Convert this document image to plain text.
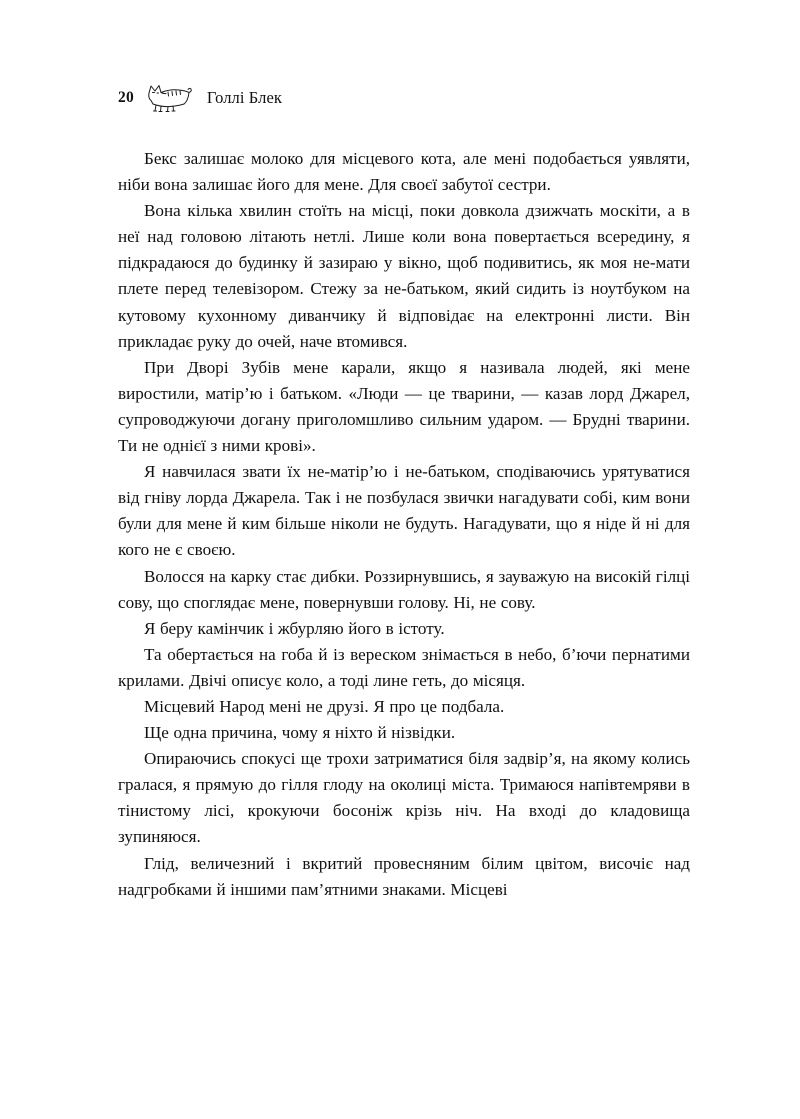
20	Голлі Блек

Бекс залишає молоко для місцевого кота, але мені подобається уявляти, ніби вона залишає його для мене. Для своєї забутої сестри.

Вона кілька хвилин стоїть на місці, поки довкола дзижчать москіти, а в неї над головою літають нетлі. Лише коли вона повертається всередину, я підкрадаюся до будинку й зазираю у вікно, щоб подивитись, як моя не-мати плете перед телевізором. Стежу за не-батьком, який сидить із ноутбуком на кутовому кухонному диванчику й відповідає на електронні листи. Він прикладає руку до очей, наче втомився.

При Дворі Зубів мене карали, якщо я називала людей, які мене виростили, матір’ю і батьком. «Люди — це тварини, — казав лорд Джарел, супроводжуючи догану приголомшливо сильним ударом. — Брудні тварини. Ти не однієї з ними крові».

Я навчилася звати їх не-матір’ю і не-батьком, сподіваючись урятуватися від гніву лорда Джарела. Так і не позбулася звички нагадувати собі, ким вони були для мене й ким більше ніколи не будуть. Нагадувати, що я ніде й ні для кого не є своєю.

Волосся на карку стає дибки. Роззирнувшись, я зауважую на високій гілці сову, що споглядає мене, повернувши голову. Ні, не сову.

Я беру камінчик і жбурляю його в істоту.

Та обертається на гоба й із вереском знімається в небо, б’ючи пернатими крилами. Двічі описує коло, а тоді лине геть, до місяця.

Місцевий Народ мені не друзі. Я про це подбала.

Ще одна причина, чому я ніхто й нізвідки.

Опираючись спокусі ще трохи затриматися біля задвір’я, на якому колись гралася, я прямую до гілля глоду на околиці міста. Тримаюся напівтемряви в тінистому лісі, крокуючи босоніж крізь ніч. На вході до кладовища зупиняюся.

Глід, величезний і вкритий провесняним білим цвітом, височіє над надгробками й іншими пам’ятними знаками. Місцеві
